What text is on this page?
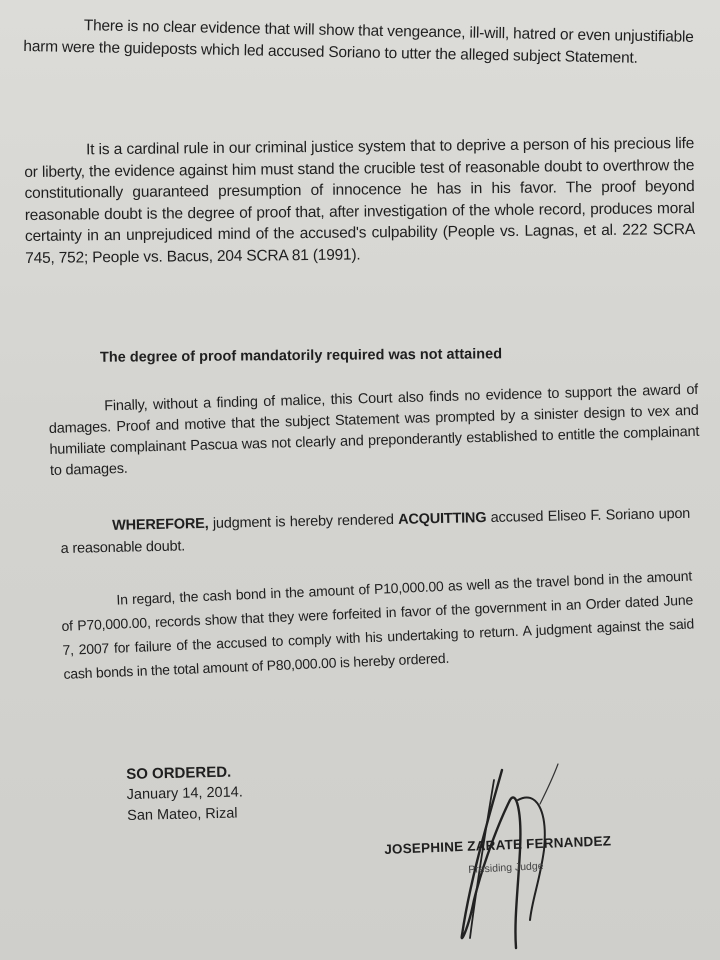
There is no clear evidence that will show that vengeance, ill-will, hatred or even unjustifiable harm were the guideposts which led accused Soriano to utter the alleged subject Statement.
It is a cardinal rule in our criminal justice system that to deprive a person of his precious life or liberty, the evidence against him must stand the crucible test of reasonable doubt to overthrow the constitutionally guaranteed presumption of innocence he has in his favor. The proof beyond reasonable doubt is the degree of proof that, after investigation of the whole record, produces moral certainty in an unprejudiced mind of the accused's culpability (People vs. Lagnas, et al. 222 SCRA 745, 752; People vs. Bacus, 204 SCRA 81 (1991).
The degree of proof mandatorily required was not attained
Finally, without a finding of malice, this Court also finds no evidence to support the award of damages. Proof and motive that the subject Statement was prompted by a sinister design to vex and humiliate complainant Pascua was not clearly and preponderantly established to entitle the complainant to damages.
WHEREFORE, judgment is hereby rendered ACQUITTING accused Eliseo F. Soriano upon a reasonable doubt.
In regard, the cash bond in the amount of P10,000.00 as well as the travel bond in the amount of P70,000.00, records show that they were forfeited in favor of the government in an Order dated June 7, 2007 for failure of the accused to comply with his undertaking to return. A judgment against the said cash bonds in the total amount of P80,000.00 is hereby ordered.
SO ORDERED.
January 14, 2014.
San Mateo, Rizal
JOSEPHINE ZARATE FERNANDEZ
Presiding Judge
